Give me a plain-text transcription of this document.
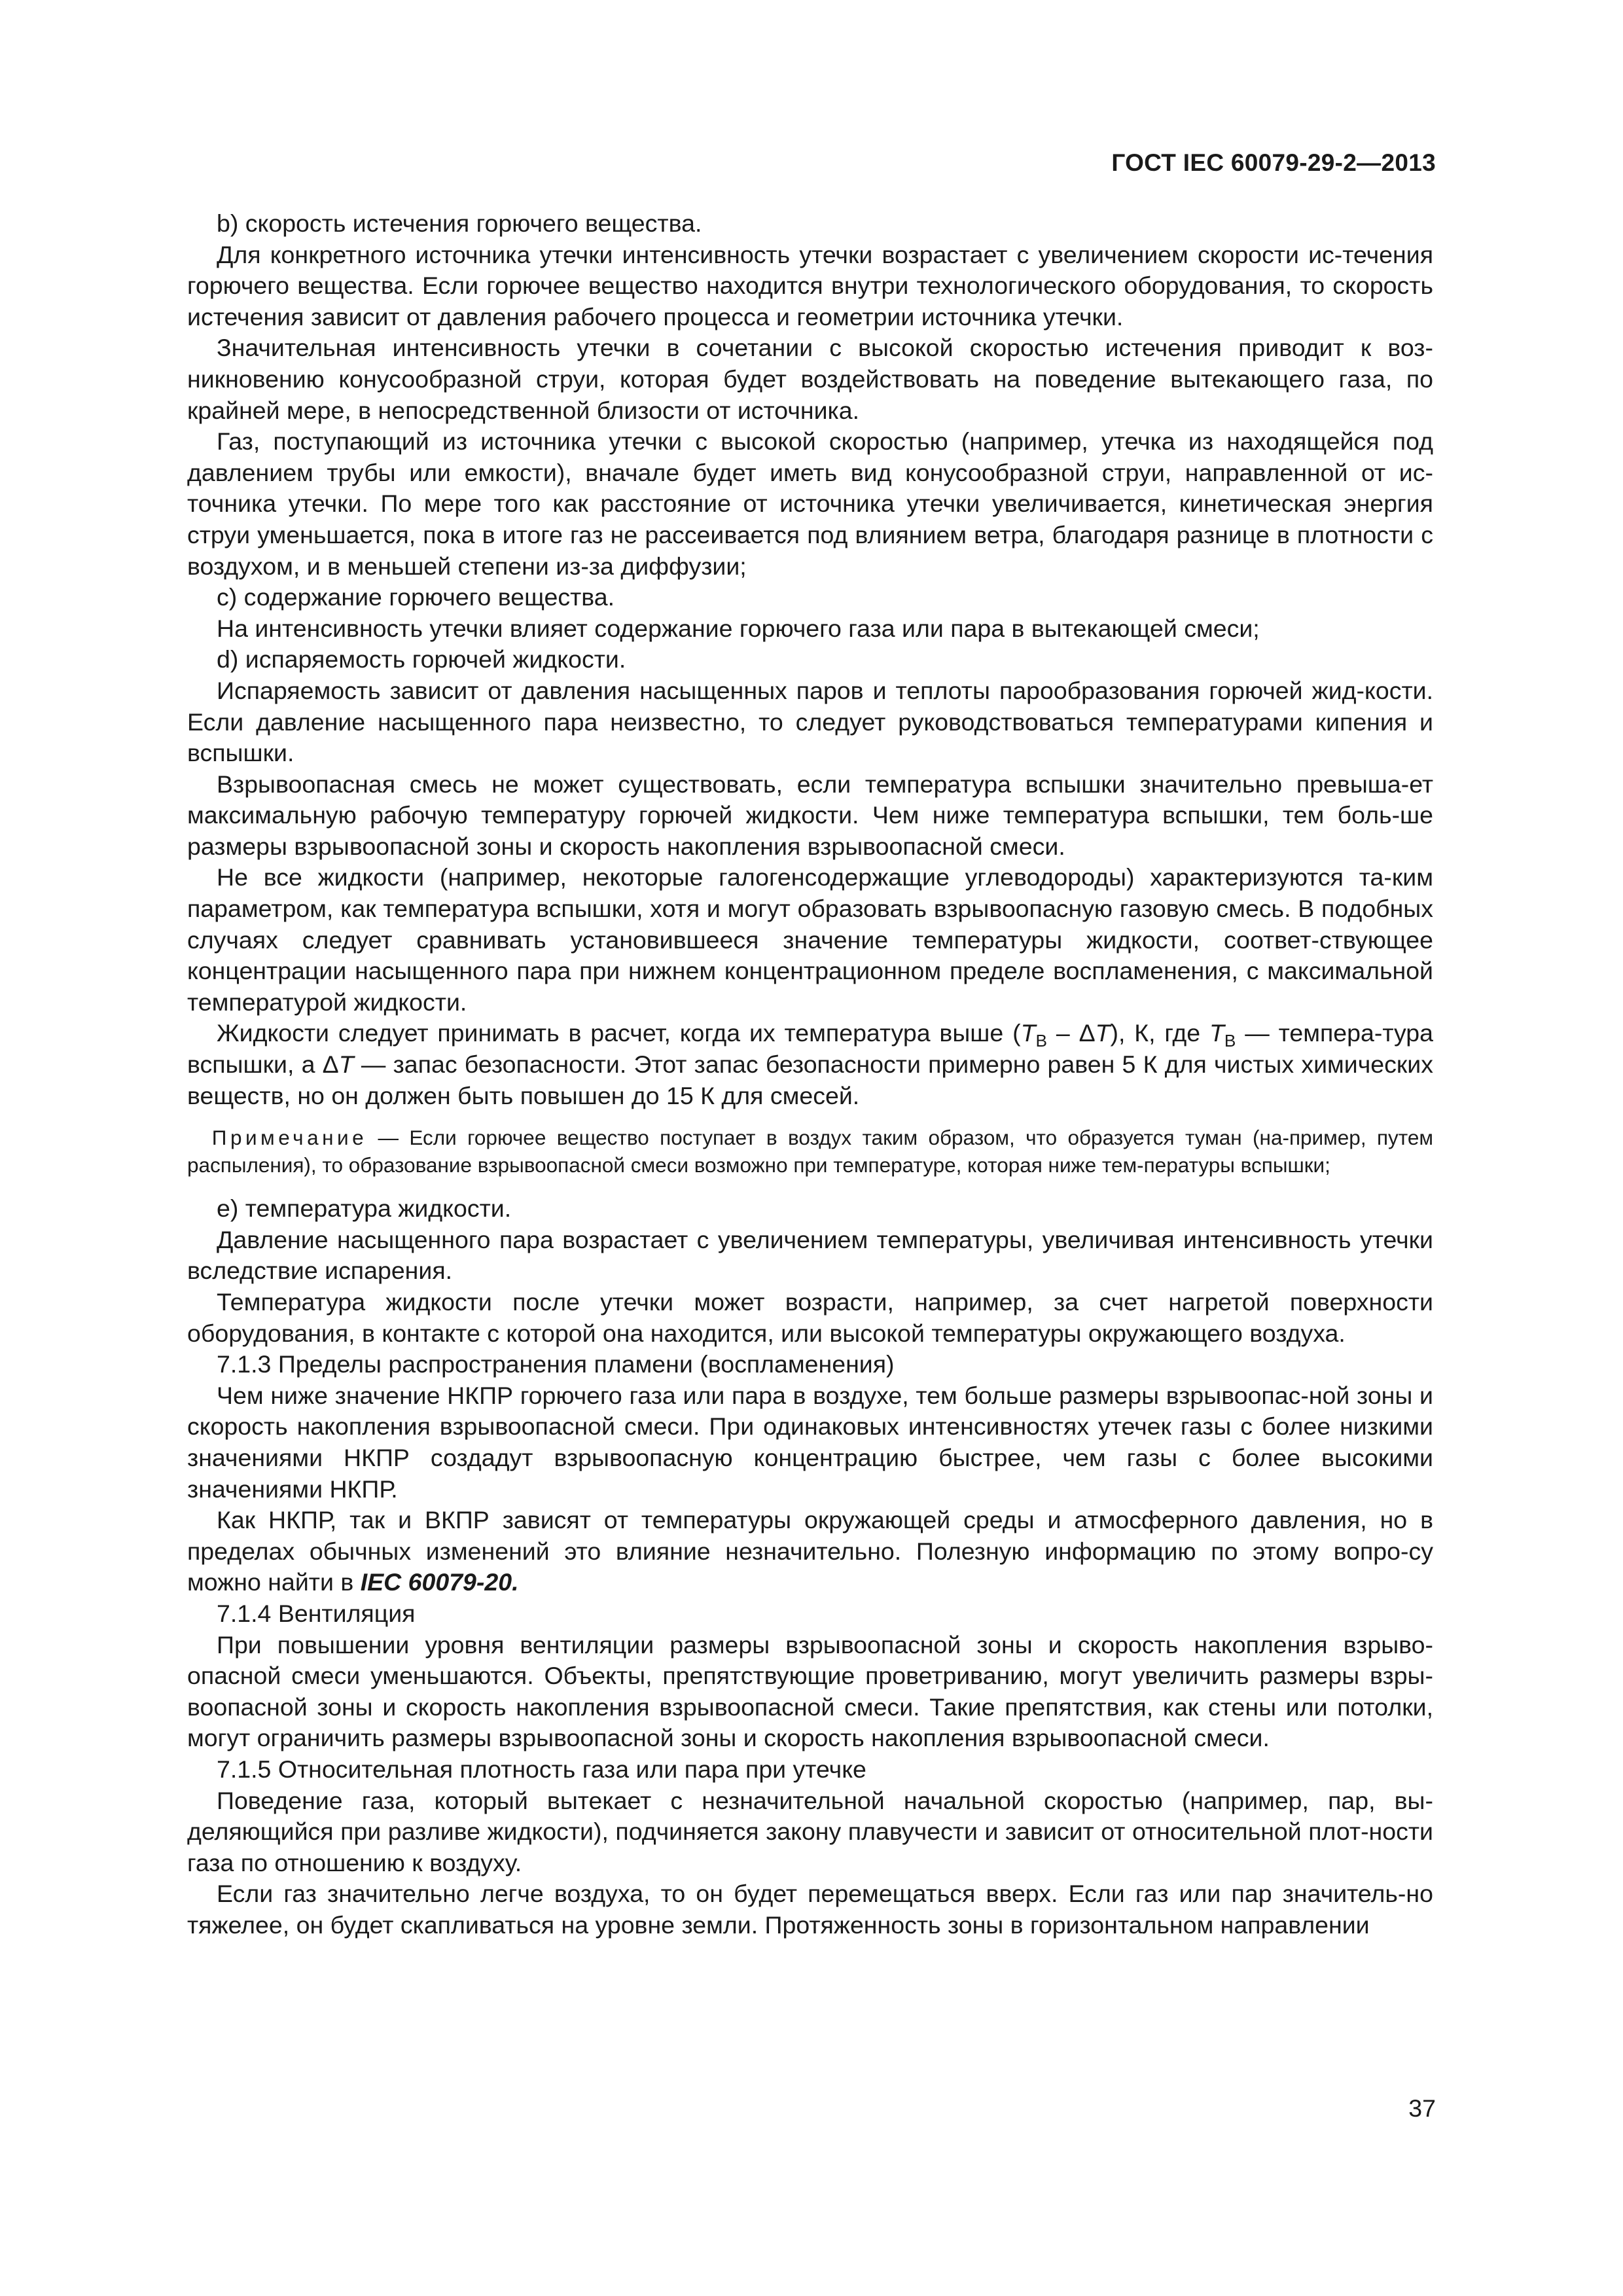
ГОСТ IEC 60079-29-2—2013

b) скорость истечения горючего вещества.

Для конкретного источника утечки интенсивность утечки возрастает с увеличением скорости ис-течения горючего вещества. Если горючее вещество находится внутри технологического оборудования, то скорость истечения зависит от давления рабочего процесса и геометрии источника утечки.

Значительная интенсивность утечки в сочетании с высокой скоростью истечения приводит к воз-никновению конусообразной струи, которая будет воздействовать на поведение вытекающего газа, по крайней мере, в непосредственной близости от источника.

Газ, поступающий из источника утечки с высокой скоростью (например, утечка из находящейся под давлением трубы или емкости), вначале будет иметь вид конусообразной струи, направленной от ис-точника утечки. По мере того как расстояние от источника утечки увеличивается, кинетическая энергия струи уменьшается, пока в итоге газ не рассеивается под влиянием ветра, благодаря разнице в плотности с воздухом, и в меньшей степени из-за диффузии;

c) содержание горючего вещества.

На интенсивность утечки влияет содержание горючего газа или пара в вытекающей смеси;

d) испаряемость горючей жидкости.

Испаряемость зависит от давления насыщенных паров и теплоты парообразования горючей жид-кости. Если давление насыщенного пара неизвестно, то следует руководствоваться температурами кипения и вспышки.

Взрывоопасная смесь не может существовать, если температура вспышки значительно превыша-ет максимальную рабочую температуру горючей жидкости. Чем ниже температура вспышки, тем боль-ше размеры взрывоопасной зоны и скорость накопления взрывоопасной смеси.

Не все жидкости (например, некоторые галогенсодержащие углеводороды) характеризуются та-ким параметром, как температура вспышки, хотя и могут образовать взрывоопасную газовую смесь. В подобных случаях следует сравнивать установившееся значение температуры жидкости, соответ-ствующее концентрации насыщенного пара при нижнем концентрационном пределе воспламенения, с максимальной температурой жидкости.

Жидкости следует принимать в расчет, когда их температура выше $(T_B - \Delta T)$, К, где $T_B$ — темпера-тура вспышки, а ΔT — запас безопасности. Этот запас безопасности примерно равен 5 К для чистых химических веществ, но он должен быть повышен до 15 К для смесей.

Примечание — Если горючее вещество поступает в воздух таким образом, что образуется туман (на-пример, путем распыления), то образование взрывоопасной смеси возможно при температуре, которая ниже тем-пературы вспышки;

e) температура жидкости.

Давление насыщенного пара возрастает с увеличением температуры, увеличивая интенсивность утечки вследствие испарения.

Температура жидкости после утечки может возрасти, например, за счет нагретой поверхности оборудования, в контакте с которой она находится, или высокой температуры окружающего воздуха.

7.1.3 Пределы распространения пламени (воспламенения)

Чем ниже значение НКПР горючего газа или пара в воздухе, тем больше размеры взрывоопас-ной зоны и скорость накопления взрывоопасной смеси. При одинаковых интенсивностях утечек газы с более низкими значениями НКПР создадут взрывоопасную концентрацию быстрее, чем газы с более высокими значениями НКПР.

Как НКПР, так и ВКПР зависят от температуры окружающей среды и атмосферного давления, но в пределах обычных изменений это влияние незначительно. Полезную информацию по этому вопро-су можно найти в IEC 60079-20.

7.1.4 Вентиляция

При повышении уровня вентиляции размеры взрывоопасной зоны и скорость накопления взрыво-опасной смеси уменьшаются. Объекты, препятствующие проветриванию, могут увеличить размеры взры-воопасной зоны и скорость накопления взрывоопасной смеси. Такие препятствия, как стены или потолки, могут ограничить размеры взрывоопасной зоны и скорость накопления взрывоопасной смеси.

7.1.5 Относительная плотность газа или пара при утечке

Поведение газа, который вытекает с незначительной начальной скоростью (например, пар, вы-деляющийся при разливе жидкости), подчиняется закону плавучести и зависит от относительной плот-ности газа по отношению к воздуху.

Если газ значительно легче воздуха, то он будет перемещаться вверх. Если газ или пар значитель-но тяжелее, он будет скапливаться на уровне земли. Протяженность зоны в горизонтальном направлении

37
